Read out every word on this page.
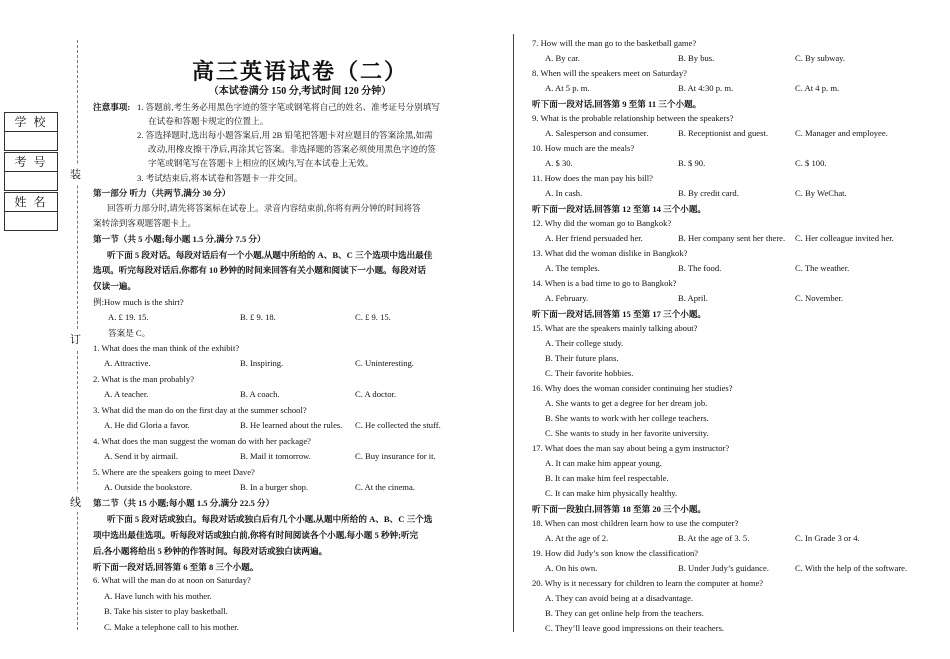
学 校
考 号
姓 名
装
订
线
高三英语试卷（二）
（本试卷满分 150 分,考试时间 120 分钟）
注意事项: 1. 答题前,考生务必用黑色字迹的签字笔或钢笔将自己的姓名、准考证号分别填写
在试卷和答题卡规定的位置上。
2. 答选择题时,选出每小题答案后,用 2B 铅笔把答题卡对应题目的答案涂黑,如需
改动,用橡皮擦干净后,再涂其它答案。非选择题的答案必须使用黑色字迹的签
字笔或钢笔写在答题卡上相应的区域内,写在本试卷上无效。
3. 考试结束后,将本试卷和答题卡一并交回。
第一部分 听力（共两节,满分 30 分）
回答听力部分时,请先将答案标在试卷上。录音内容结束前,你将有两分钟的时间将答
案转涂到客观题答题卡上。
第一节（共 5 小题;每小题 1.5 分,满分 7.5 分）
听下面 5 段对话。每段对话后有一个小题,从题中所给的 A、B、C 三个选项中选出最佳
选项。听完每段对话后,你都有 10 秒钟的时间来回答有关小题和阅读下一小题。每段对话
仅读一遍。
例:How much is the shirt?
A. £ 19. 15.	B. £ 9. 18.	C. £ 9. 15.
答案是 C。
1. What does the man think of the exhibit?
A. Attractive.	B. Inspiring.	C. Uninteresting.
2. What is the man probably?
A. A teacher.	B. A coach.	C. A doctor.
3. What did the man do on the first day at the summer school?
A. He did Gloria a favor.	B. He learned about the rules. C. He collected the stuff.
4. What does the man suggest the woman do with her package?
A. Send it by airmail.	B. Mail it tomorrow.	C. Buy insurance for it.
5. Where are the speakers going to meet Dave?
A. Outside the bookstore.	B. In a burger shop.	C. At the cinema.
第二节（共 15 小题;每小题 1.5 分,满分 22.5 分）
听下面 5 段对话或独白。每段对话或独白后有几个小题,从题中所给的 A、B、C 三个选
项中选出最佳选项。听每段对话或独白前,你将有时间阅读各个小题,每小题 5 秒钟;听完
后,各小题将给出 5 秒钟的作答时间。每段对话或独白读两遍。
听下面一段对话,回答第 6 至第 8 三个小题。
6. What will the man do at noon on Saturday?
A. Have lunch with his mother.
B. Take his sister to play basketball.
C. Make a telephone call to his mother.
7. How will the man go to the basketball game?
A. By car.	B. By bus.	C. By subway.
8. When will the speakers meet on Saturday?
A. At 5 p. m.	B. At 4:30 p. m.	C. At 4 p. m.
听下面一段对话,回答第 9 至第 11 三个小题。
9. What is the probable relationship between the speakers?
A. Salesperson and consumer.	B. Receptionist and guest.	C. Manager and employee.
10. How much are the meals?
A. $ 30.	B. $ 90.	C. $ 100.
11. How does the man pay his bill?
A. In cash.	B. By credit card.	C. By WeChat.
听下面一段对话,回答第 12 至第 14 三个小题。
12. Why did the woman go to Bangkok?
A. Her friend persuaded her.	B. Her company sent her there. C. Her colleague invited her.
13. What did the woman dislike in Bangkok?
A. The temples.	B. The food.	C. The weather.
14. When is a bad time to go to Bangkok?
A. February.	B. April.	C. November.
听下面一段对话,回答第 15 至第 17 三个小题。
15. What are the speakers mainly talking about?
A. Their college study.
B. Their future plans.
C. Their favorite hobbies.
16. Why does the woman consider continuing her studies?
A. She wants to get a degree for her dream job.
B. She wants to work with her college teachers.
C. She wants to study in her favorite university.
17. What does the man say about being a gym instructor?
A. It can make him appear young.
B. It can make him feel respectable.
C. It can make him physically healthy.
听下面一段独白,回答第 18 至第 20 三个小题。
18. When can most children learn how to use the computer?
A. At the age of 2.	B. At the age of 3. 5.	C. In Grade 3 or 4.
19. How did Judy’s son know the classification?
A. On his own.	B. Under Judy’s guidance.	C. With the help of the software.
20. Why is it necessary for children to learn the computer at home?
A. They can avoid being at a disadvantage.
B. They can get online help from the teachers.
C. They’ll leave good impressions on their teachers.
